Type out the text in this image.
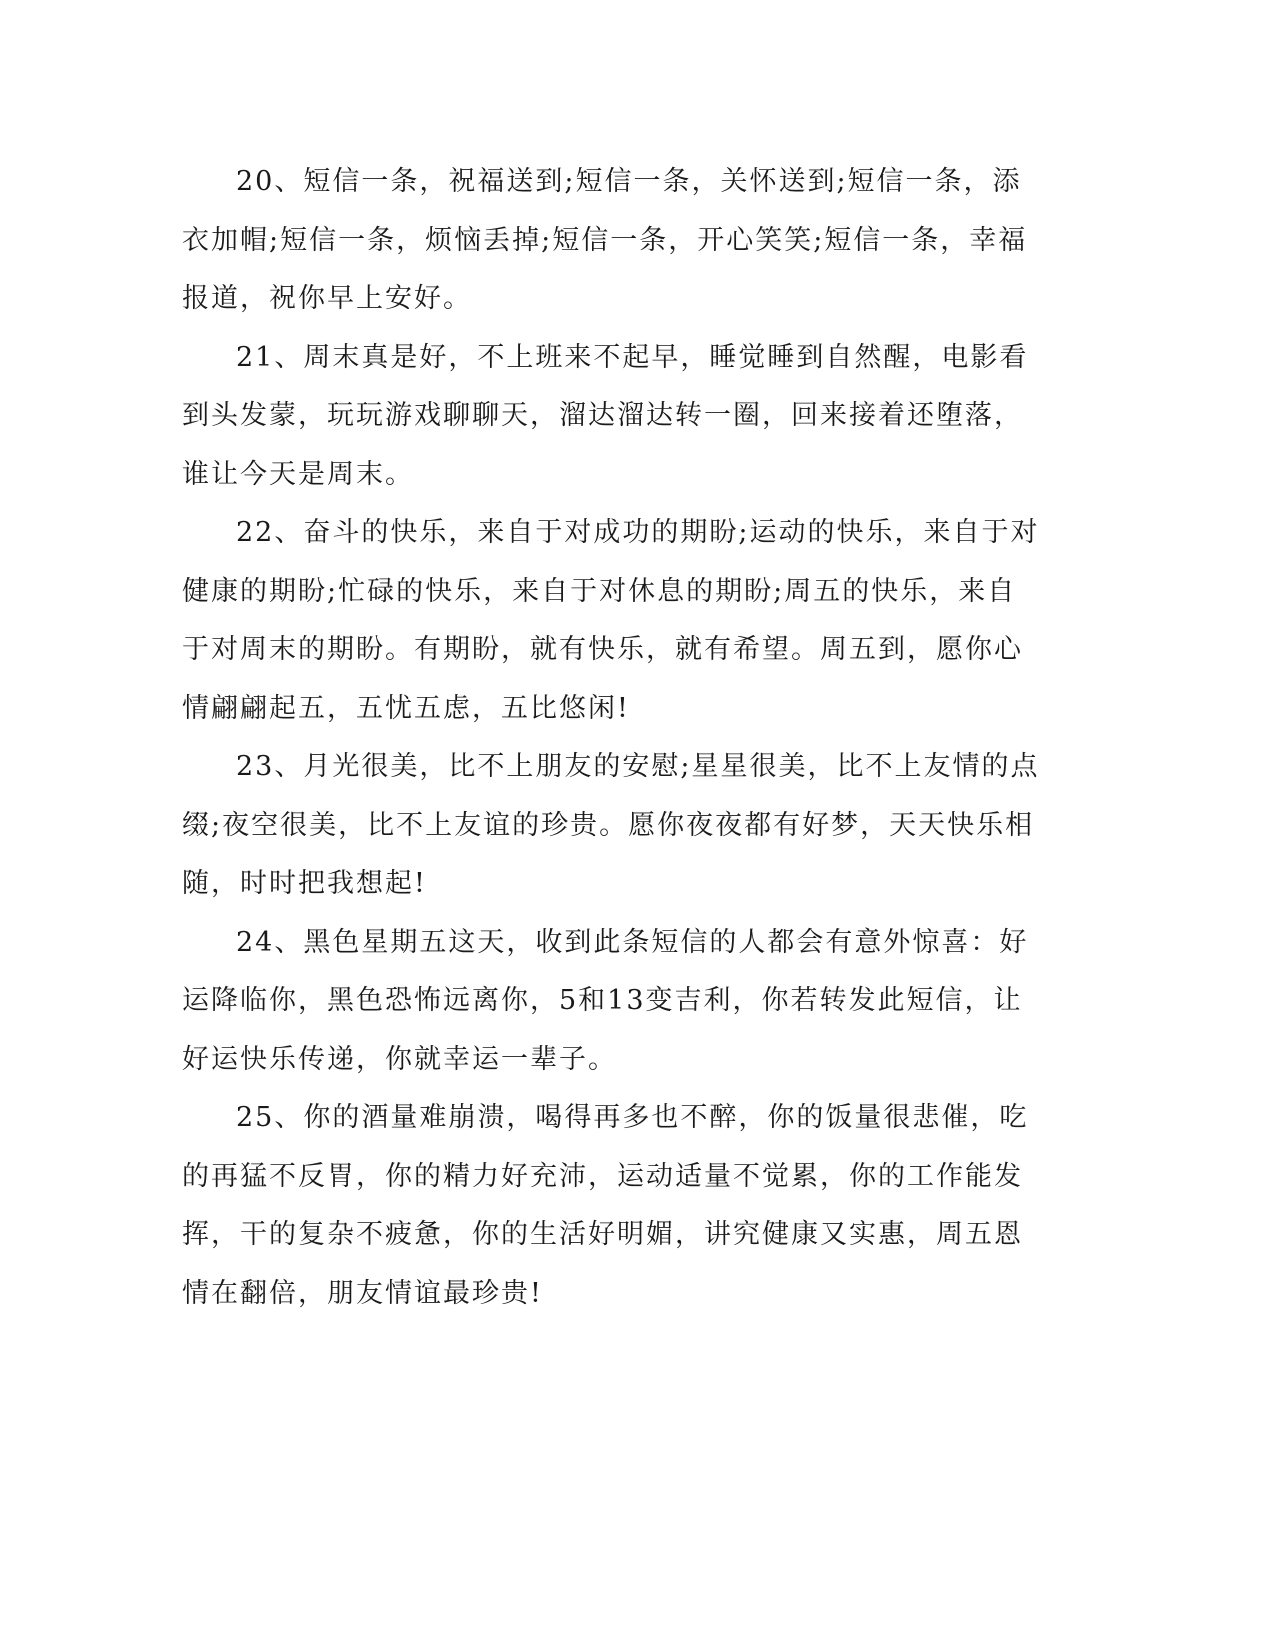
20、短信一条，祝福送到;短信一条，关怀送到;短信一条，添衣加帽;短信一条，烦恼丢掉;短信一条，开心笑笑;短信一条，幸福报道，祝你早上安好。

21、周末真是好，不上班来不起早，睡觉睡到自然醒，电影看到头发蒙，玩玩游戏聊聊天，溜达溜达转一圈，回来接着还堕落，谁让今天是周末。

22、奋斗的快乐，来自于对成功的期盼;运动的快乐，来自于对健康的期盼;忙碌的快乐，来自于对休息的期盼;周五的快乐，来自于对周末的期盼。有期盼，就有快乐，就有希望。周五到，愿你心情翩翩起五，五忧五虑，五比悠闲!

23、月光很美，比不上朋友的安慰;星星很美，比不上友情的点缀;夜空很美，比不上友谊的珍贵。愿你夜夜都有好梦，天天快乐相随，时时把我想起!

24、黑色星期五这天，收到此条短信的人都会有意外惊喜：好运降临你，黑色恐怖远离你，5和13变吉利，你若转发此短信，让好运快乐传递，你就幸运一辈子。

25、你的酒量难崩溃，喝得再多也不醉，你的饭量很悲催，吃的再猛不反胃，你的精力好充沛，运动适量不觉累，你的工作能发挥，干的复杂不疲惫，你的生活好明媚，讲究健康又实惠，周五恩情在翻倍，朋友情谊最珍贵!
